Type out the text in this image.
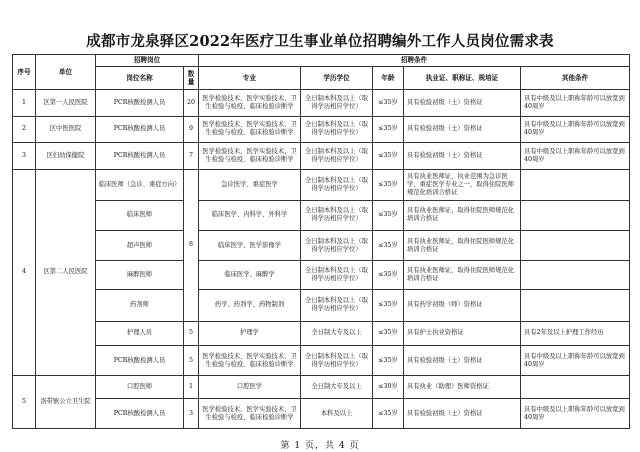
成都市龙泉驿区2022年医疗卫生事业单位招聘编外工作人员岗位需求表
序号	单位	招聘岗位		招聘条件				
		岗位名称	数量	专业	学历学位	年龄	执业证、职称证、规培证	其他条件
1	区第一人民医院	PCR核酸检测人员	20	医学检验技术、医学实验技术、卫生检验与检疫、临床检验诊断学	全日制本科及以上（取得学历相应学位）	≤35岁	具有检验初级（士）资格证	具有中级及以上职称年龄可以放宽到40周岁
2	区中医医院	PCR核酸检测人员	9	医学检验技术、医学实验技术、卫生检验与检疫、临床检验诊断学	全日制本科及以上（取得学历相应学位）	≤35岁	具有检验初级（士）资格证	具有中级及以上职称年龄可以放宽到40周岁
3	区妇幼保健院	PCR核酸检测人员	7	医学检验技术、医学实验技术、卫生检验与检疫、临床检验诊断学	全日制本科及以上（取得学历相应学位）	≤35岁	具有检验初级（士）资格证	具有中级及以上职称年龄可以放宽到40周岁
4	区第二人民医院	临床医师（急诊、重症方向）	8	急诊医学、重症医学	全日制本科及以上（取得学历相应学位）	≤35岁	具有执业医师证，执业范围为急诊医学、重症医学专业之一，取得住院医师规范化培训合格证	
		临床医师		临床医学、内科学、外科学	全日制本科及以上（取得学历相应学位）	≤35岁	具有执业医师证，取得住院医师规范化培训合格证	
		超声医师		临床医学、医学影像学	全日制本科及以上（取得学历相应学位）	≤35岁	具有执业医师证，取得住院医师规范化培训合格证	
		麻醉医师		临床医学、麻醉学	全日制本科及以上（取得学历相应学位）	≤35岁	具有执业医师证，取得住院医师规范化培训合格证	
		药剂师		药学、药剂学、药物制剂	全日制本科及以上（取得学历相应学位）	≤35岁	具有药学初级（师）资格证	
		护理人员	5	护理学	全日制大专及以上	≤35岁	具有护士执业资格证	具有2年及以上护理工作经历
		PCR核酸检测人员	5	医学检验技术、医学实验技术、卫生检验与检疫、临床检验诊断学	全日制本科及以上（取得学历相应学位）	≤35岁	具有检验初级（士）资格证	具有中级及以上职称年龄可以放宽到40周岁
5	洛带镇公立卫生院	口腔医师	1	口腔医学	全日制大专及以上	≤30岁	具有执业（助理）医师资格证	
		PCR核酸检测人员	3	医学检验技术、医学实验技术、卫生检验与检疫、临床检验诊断学	本科及以上	≤35岁	具有检验初级（士）资格证	具有中级及以上职称年龄可以放宽到40周岁
第 1 页，共 4 页
